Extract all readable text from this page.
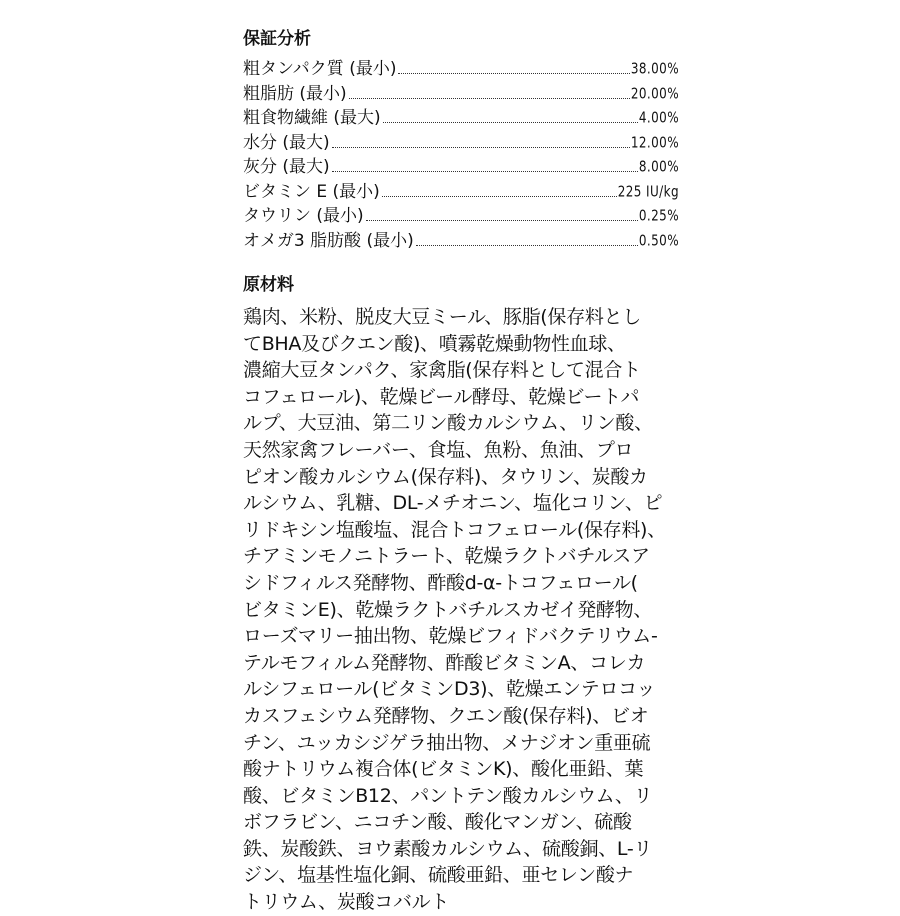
保証分析
粗タンパク質 (最小)	38.00%
粗脂肪 (最小)	20.00%
粗食物繊維 (最大)	4.00%
水分 (最大)	12.00%
灰分 (最大)	8.00%
ビタミン E (最小)	225 IU/kg
タウリン (最小)	0.25%
オメガ3 脂肪酸 (最小)	0.50%
原材料
鶏肉、米粉、脱皮大豆ミール、豚脂(保存料とし
てBHA及びクエン酸)、噴霧乾燥動物性血球、
濃縮大豆タンパク、家禽脂(保存料として混合ト
コフェロール)、乾燥ビール酵母、乾燥ビートパ
ルプ、大豆油、第二リン酸カルシウム、リン酸、
天然家禽フレーバー、食塩、魚粉、魚油、プロ
ピオン酸カルシウム(保存料)、タウリン、炭酸カ
ルシウム、乳糖、DL-メチオニン、塩化コリン、ピ
リドキシン塩酸塩、混合トコフェロール(保存料)、
チアミンモノニトラート、乾燥ラクトバチルスア
シドフィルス発酵物、酢酸d-α-トコフェロール(
ビタミンE)、乾燥ラクトバチルスカゼイ発酵物、
ローズマリー抽出物、乾燥ビフィドバクテリウム-
テルモフィルム発酵物、酢酸ビタミンA、コレカ
ルシフェロール(ビタミンD3)、乾燥エンテロコッ
カスフェシウム発酵物、クエン酸(保存料)、ビオ
チン、ユッカシジゲラ抽出物、メナジオン重亜硫
酸ナトリウム複合体(ビタミンK)、酸化亜鉛、葉
酸、ビタミンB12、パントテン酸カルシウム、リ
ボフラビン、ニコチン酸、酸化マンガン、硫酸
鉄、炭酸鉄、ヨウ素酸カルシウム、硫酸銅、L-リ
ジン、塩基性塩化銅、硫酸亜鉛、亜セレン酸ナ
トリウム、炭酸コバルト
